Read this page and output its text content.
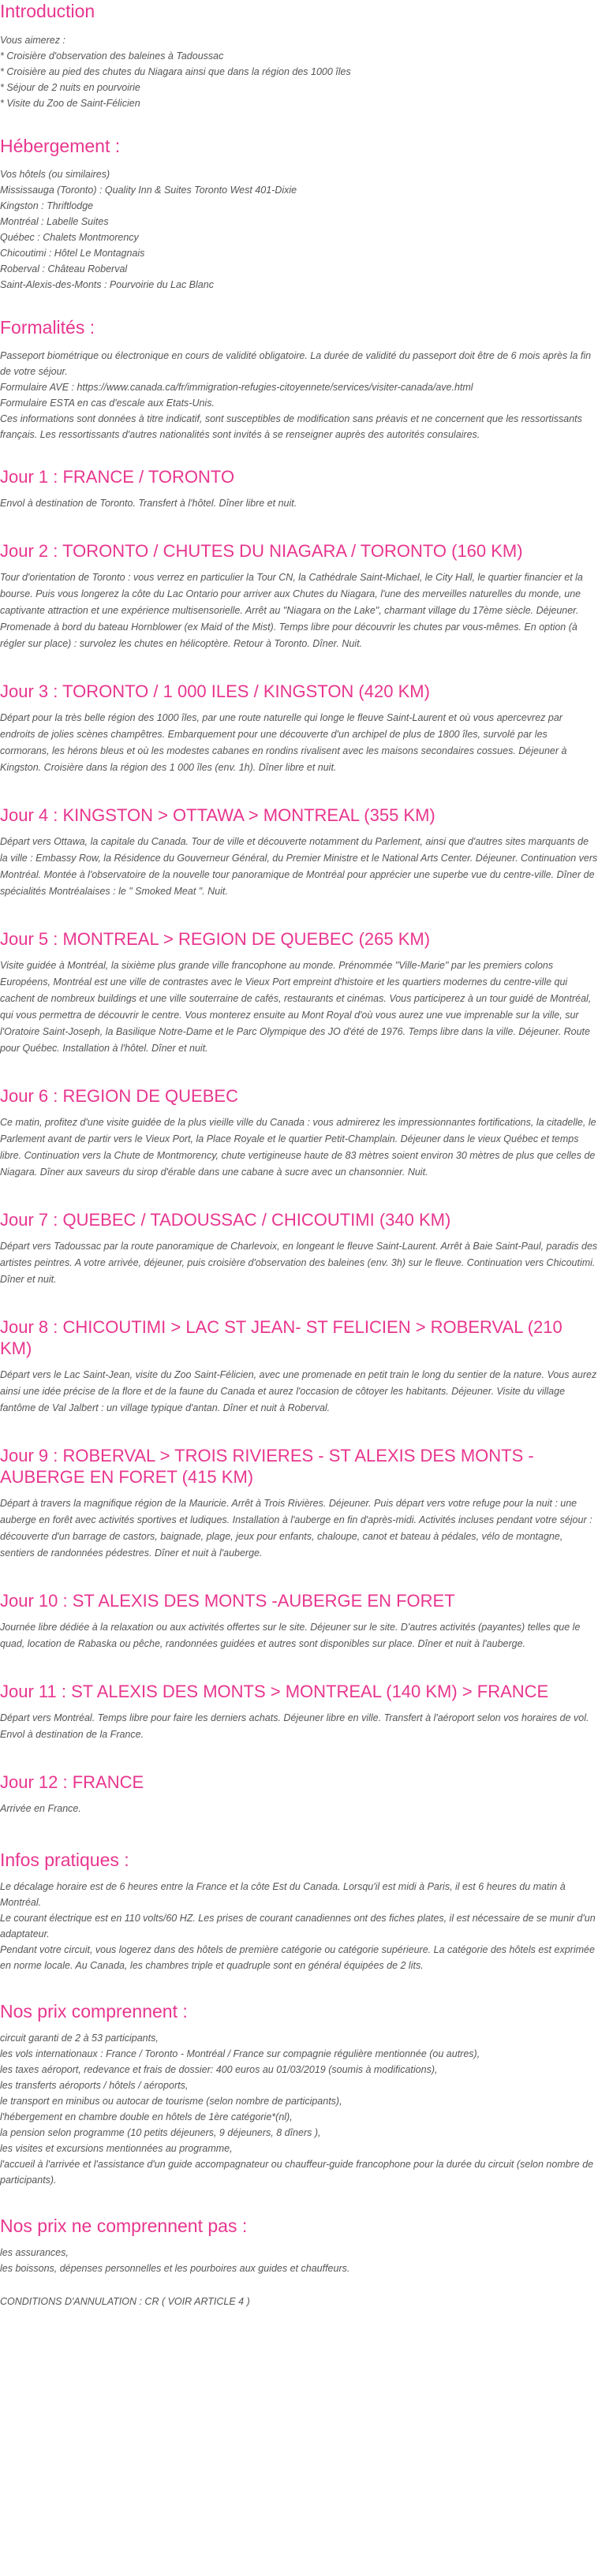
Introduction

Vous aimerez :

* Croisière d'observation des baleines à Tadoussac

* Croisière au pied des chutes du Niagara ainsi que dans la région des 1000 îles

* Séjour de 2 nuits en pourvoirie

* Visite du Zoo de Saint-Félicien

Hébergement :

Vos hôtels (ou similaires)

Mississauga (Toronto) : Quality Inn & Suites Toronto West 401-Dixie

Kingston : Thriftlodge

Montréal : Labelle Suites

Québec : Chalets Montmorency

Chicoutimi : Hôtel Le Montagnais

Roberval : Château Roberval

Saint-Alexis-des-Monts : Pourvoirie du Lac Blanc

Formalités :

Passeport biométrique ou électronique en cours de validité obligatoire. La durée de validité du passeport doit être de 6 mois après la fin de votre séjour.

Formulaire AVE : https://www.canada.ca/fr/immigration-refugies-citoyennete/services/visiter-canada/ave.html

Formulaire ESTA en cas d'escale aux Etats-Unis.

Ces informations sont données à titre indicatif, sont susceptibles de modification sans préavis et ne concernent que les ressortissants français. Les ressortissants d'autres nationalités sont invités à se renseigner auprès des autorités consulaires.

Jour 1 : FRANCE / TORONTO

Envol à destination de Toronto. Transfert à l'hôtel. Dîner libre et nuit.

Jour 2 : TORONTO / CHUTES DU NIAGARA / TORONTO (160 KM)

Tour d'orientation de Toronto : vous verrez en particulier la Tour CN, la Cathédrale Saint-Michael, le City Hall, le quartier financier et la bourse. Puis vous longerez la côte du Lac Ontario pour arriver aux Chutes du Niagara, l'une des merveilles naturelles du monde, une captivante attraction et une expérience multisensorielle. Arrêt au "Niagara on the Lake", charmant village du 17ème siècle. Déjeuner. Promenade à bord du bateau Hornblower (ex Maid of the Mist). Temps libre pour découvrir les chutes par vous-mêmes. En option (à régler sur place) : survolez les chutes en hélicoptère. Retour à Toronto. Dîner. Nuit.

Jour 3 : TORONTO / 1 000 ILES / KINGSTON (420 KM)

Départ pour la très belle région des 1000 îles, par une route naturelle qui longe le fleuve Saint-Laurent et où vous apercevrez par endroits de jolies scènes champêtres. Embarquement pour une découverte d'un archipel de plus de 1800 îles, survolé par les cormorans, les hérons bleus et où les modestes cabanes en rondins rivalisent avec les maisons secondaires cossues. Déjeuner à Kingston. Croisière dans la région des 1 000 îles (env. 1h). Dîner libre et nuit.

Jour 4 : KINGSTON > OTTAWA > MONTREAL (355 KM)

Départ vers Ottawa, la capitale du Canada. Tour de ville et découverte notamment du Parlement, ainsi que d'autres sites marquants de la ville : Embassy Row, la Résidence du Gouverneur Général, du Premier Ministre et le National Arts Center. Déjeuner. Continuation vers Montréal. Montée à l'observatoire de la nouvelle tour panoramique de Montréal pour apprécier une superbe vue du centre-ville. Dîner de spécialités Montréalaises : le " Smoked Meat ". Nuit.

Jour 5 : MONTREAL > REGION DE QUEBEC (265 KM)

Visite guidée à Montréal, la sixième plus grande ville francophone au monde. Prénommée "Ville-Marie" par les premiers colons Européens, Montréal est une ville de contrastes avec le Vieux Port empreint d'histoire et les quartiers modernes du centre-ville qui cachent de nombreux buildings et une ville souterraine de cafés, restaurants et cinémas. Vous participerez à un tour guidé de Montréal, qui vous permettra de découvrir le centre. Vous monterez ensuite au Mont Royal d'où vous aurez une vue imprenable sur la ville, sur l'Oratoire Saint-Joseph, la Basilique Notre-Dame et le Parc Olympique des JO d'été de 1976. Temps libre dans la ville. Déjeuner. Route pour Québec. Installation à l'hôtel. Dîner et nuit.

Jour 6 : REGION DE QUEBEC

Ce matin, profitez d'une visite guidée de la plus vieille ville du Canada : vous admirerez les impressionnantes fortifications, la citadelle, le Parlement avant de partir vers le Vieux Port, la Place Royale et le quartier Petit-Champlain. Déjeuner dans le vieux Québec et temps libre. Continuation vers la Chute de Montmorency, chute vertigineuse haute de 83 mètres soient environ 30 mètres de plus que celles de Niagara. Dîner aux saveurs du sirop d'érable dans une cabane à sucre avec un chansonnier. Nuit.

Jour 7 : QUEBEC / TADOUSSAC / CHICOUTIMI (340 KM)

Départ vers Tadoussac par la route panoramique de Charlevoix, en longeant le fleuve Saint-Laurent. Arrêt à Baie Saint-Paul, paradis des artistes peintres. A votre arrivée, déjeuner, puis croisière d'observation des baleines (env. 3h) sur le fleuve. Continuation vers Chicoutimi. Dîner et nuit.

Jour 8 : CHICOUTIMI > LAC ST JEAN- ST FELICIEN > ROBERVAL (210 KM)

Départ vers le Lac Saint-Jean, visite du Zoo Saint-Félicien, avec une promenade en petit train le long du sentier de la nature. Vous aurez ainsi une idée précise de la flore et de la faune du Canada et aurez l'occasion de côtoyer les habitants. Déjeuner. Visite du village fantôme de Val Jalbert : un village typique d'antan. Dîner et nuit à Roberval.

Jour 9 : ROBERVAL > TROIS RIVIERES - ST ALEXIS DES MONTS - AUBERGE EN FORET (415 KM)

Départ à travers la magnifique région de la Mauricie. Arrêt à Trois Rivières. Déjeuner. Puis départ vers votre refuge pour la nuit : une auberge en forêt avec activités sportives et ludiques. Installation à l'auberge en fin d'après-midi. Activités incluses pendant votre séjour : découverte d'un barrage de castors, baignade, plage, jeux pour enfants, chaloupe, canot et bateau à pédales, vélo de montagne, sentiers de randonnées pédestres. Dîner et nuit à l'auberge.

Jour 10 : ST ALEXIS DES MONTS -AUBERGE EN FORET

Journée libre dédiée à la relaxation ou aux activités offertes sur le site. Déjeuner sur le site. D'autres activités (payantes) telles que le quad, location de Rabaska ou pêche, randonnées guidées et autres sont disponibles sur place. Dîner et nuit à l'auberge.

Jour 11 : ST ALEXIS DES MONTS > MONTREAL (140 KM) > FRANCE

Départ vers Montréal. Temps libre pour faire les derniers achats. Déjeuner libre en ville. Transfert à l'aéroport selon vos horaires de vol. Envol à destination de la France.

Jour 12 : FRANCE

Arrivée en France.

Infos pratiques :

Le décalage horaire est de 6 heures entre la France et la côte Est du Canada. Lorsqu'il est midi à Paris, il est 6 heures du matin à Montréal.

Le courant électrique est en 110 volts/60 HZ. Les prises de courant canadiennes ont des fiches plates, il est nécessaire de se munir d'un adaptateur.

Pendant votre circuit, vous logerez dans des hôtels de première catégorie ou catégorie supérieure. La catégorie des hôtels est exprimée en norme locale. Au Canada, les chambres triple et quadruple sont en général équipées de 2 lits.

Nos prix comprennent :

circuit garanti de 2 à 53 participants,

les vols internationaux : France / Toronto - Montréal / France sur compagnie régulière mentionnée (ou autres),

les taxes aéroport, redevance et frais de dossier: 400 euros au 01/03/2019 (soumis à modifications),

les transferts aéroports / hôtels / aéroports,

le transport en minibus ou autocar de tourisme (selon nombre de participants),

l'hébergement en chambre double en hôtels de 1ère catégorie*(nl),

la pension selon programme (10 petits déjeuners, 9 déjeuners, 8 dîners ),

les visites et excursions mentionnées au programme,

l'accueil à l'arrivée et l'assistance d'un guide accompagnateur ou chauffeur-guide francophone pour la durée du circuit (selon nombre de participants).

Nos prix ne comprennent pas :

les assurances,

les boissons, dépenses personnelles et les pourboires aux guides et chauffeurs.

CONDITIONS D'ANNULATION : CR ( VOIR ARTICLE 4 )
